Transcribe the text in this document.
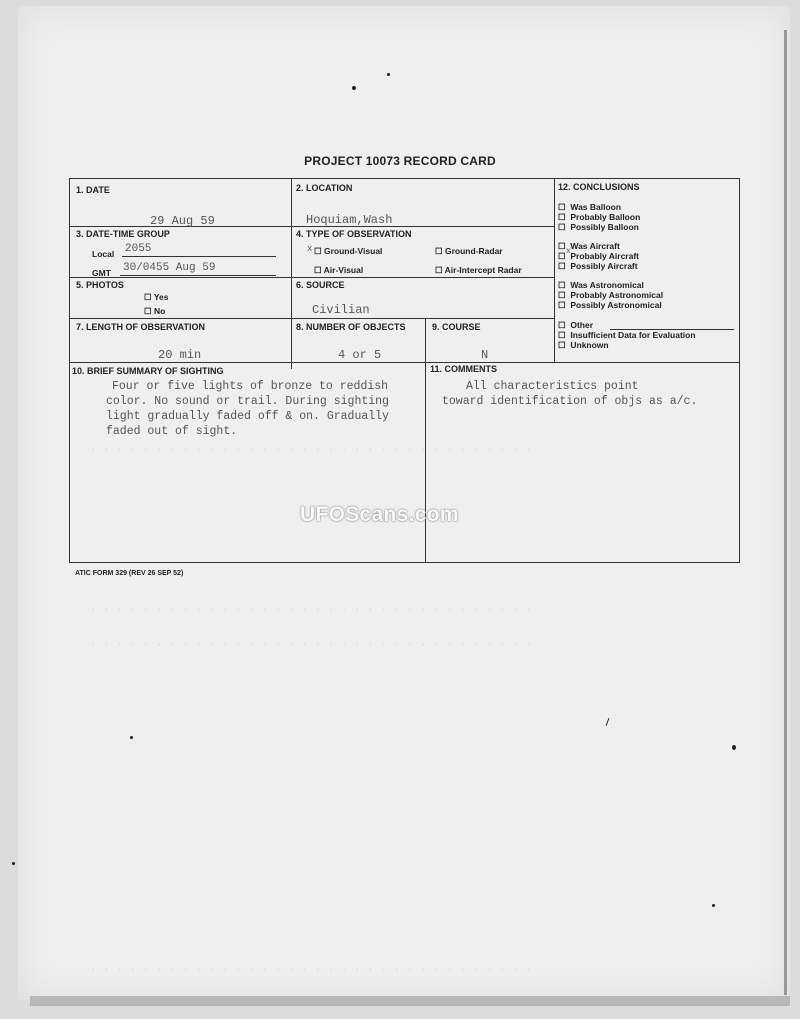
· · · · · · · · · · · · · · · · · · · · · · · · · · · · · · · · · ·
· · · · · · · · · · · · · · · · · · · · · · · · · · · · · · · · · ·
· · · · · · · · · · · · · · · · · · · · · · · · · · · · · · · · · ·
· · · · · · · · · · · · · · · · · · · · · · · · · · · · · · · · · ·
PROJECT 10073 RECORD CARD
1. DATE
29 Aug 59
2. LOCATION
Hoquiam,Wash
3. DATE-TIME GROUP
Local 2055
GMT 30/0455 Aug 59
4. TYPE OF OBSERVATION
x ☐ Ground-Visual	☐ Ground-Radar
☐ Air-Visual	☐ Air-Intercept Radar
5. PHOTOS
☐ Yes
☐ No
6. SOURCE
Civilian
7. LENGTH OF OBSERVATION
20 min
8. NUMBER OF OBJECTS
4 or 5
9. COURSE
N
10. BRIEF SUMMARY OF SIGHTING
Four or five lights of bronze to reddish
color. No sound or trail. During sighting
light gradually faded off & on. Gradually
faded out of sight.
11. COMMENTS
All characteristics point
toward identification of objs as a/c.
12. CONCLUSIONS
☐ Was Balloon
☐ Probably Balloon
☐ Possibly Balloon
☐ Was Aircraft
x
☐ Probably Aircraft
☐ Possibly Aircraft
☐ Was Astronomical
☐ Probably Astronomical
☐ Possibly Astronomical
☐ Other
☐ Insufficient Data for Evaluation
☐ Unknown
ATIC FORM 329 (REV 26 SEP 52)
UFOScans.com
